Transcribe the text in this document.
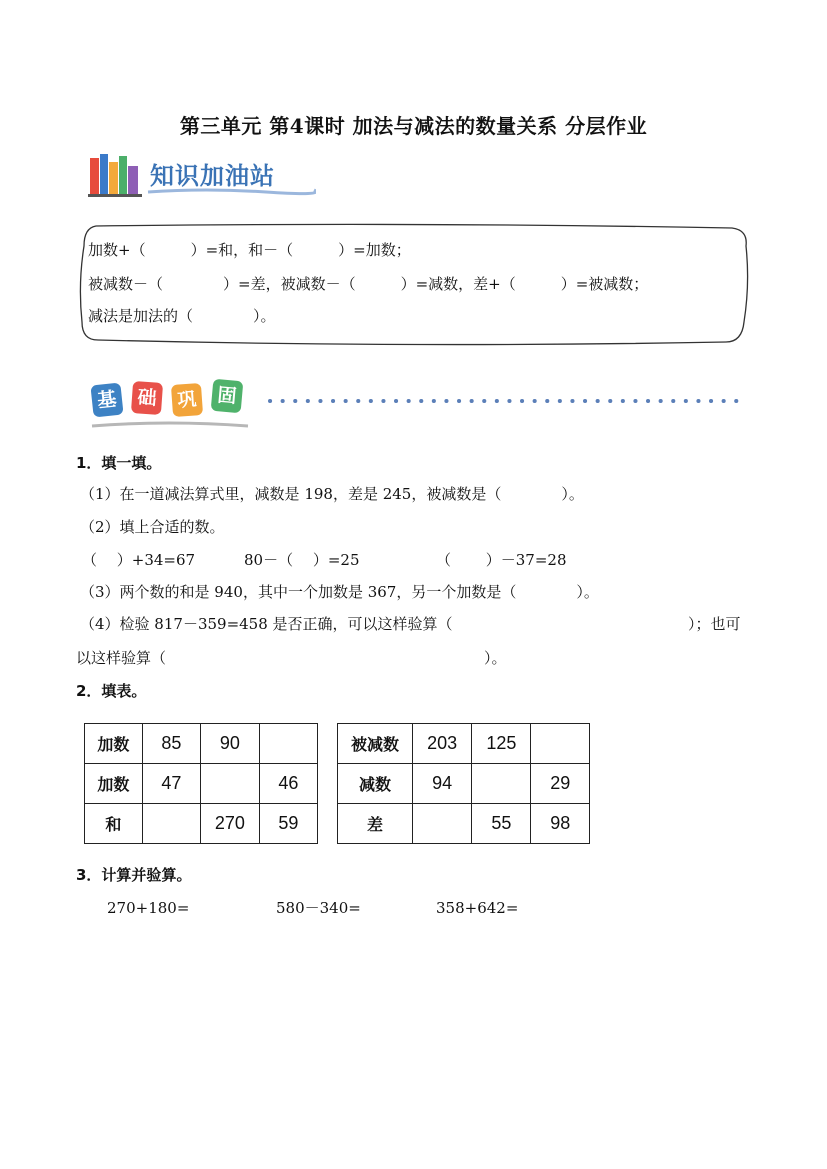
第三单元 第4课时 加法与减法的数量关系 分层作业
知识加油站
加数+（　　　）=和，和－（　　　）=加数；
被减数－（　　　　）=差，被减数－（　　　）=减数，差+（　　　）=被减数；
减法是加法的（　　　　）。
基	础	巩	固
1．填一填。
（1）在一道减法算式里，减数是 198，差是 245，被减数是（　　　　）。
（2）填上合适的数。
（　 ）+34=67	80－（　 ）=25	（　 　）－37=28
（3）两个数的和是 940，其中一个加数是 367，另一个加数是（　　　　）。
（4）检验 817－359=458 是否正确，可以这样验算（	）；也可
以这样验算（	）。
2．填表。
加数	85	90	
加数	47		46
和		270	59
被减数	203	125	
减数	94		29
差		55	98
3．计算并验算。
270+180=	580－340=	358+642=
